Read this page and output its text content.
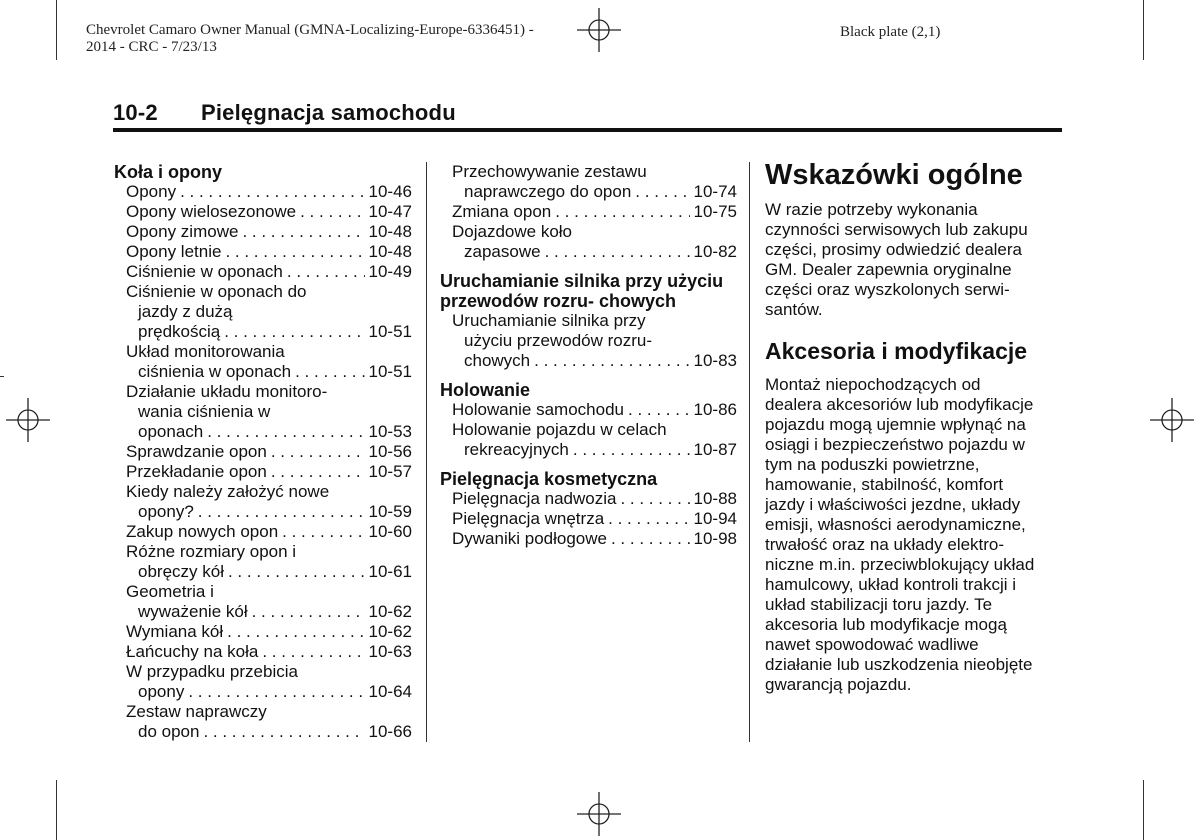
Chevrolet Camaro Owner Manual (GMNA-Localizing-Europe-6336451) -
2014 - CRC - 7/23/13
Black plate (2,1)
10-2 Pielęgnacja samochodu
Koła i opony
Opony . . .	10-46
Opony wielosezonowe . . .	10-47
Opony zimowe . . .	10-48
Opony letnie . . .	10-48
Ciśnienie w oponach . . .	10-49
Ciśnienie w oponach do
jazdy z dużą
prędkością . . .	10-51
Układ monitorowania
ciśnienia w oponach . . .	10-51
Działanie układu monitoro-
wania ciśnienia w
oponach . . .	10-53
Sprawdzanie opon . . .	10-56
Przekładanie opon . . .	10-57
Kiedy należy założyć nowe
opony? . . .	10-59
Zakup nowych opon . . .	10-60
Różne rozmiary opon i
obręczy kół . . .	10-61
Geometria i
wyważenie kół . . .	10-62
Wymiana kół . . .	10-62
Łańcuchy na koła . . .	10-63
W przypadku przebicia
opony . . .	10-64
Zestaw naprawczy
do opon . . .	10-66
Przechowywanie zestawu
naprawczego do opon . . .	10-74
Zmiana opon . . .	10-75
Dojazdowe koło
zapasowe . . .	10-82
Uruchamianie silnika przy użyciu przewodów rozru- chowych
Uruchamianie silnika przy
użyciu przewodów rozru-
chowych . . .	10-83
Holowanie
Holowanie samochodu . . .	10-86
Holowanie pojazdu w celach
rekreacyjnych . . .	10-87
Pielęgnacja kosmetyczna
Pielęgnacja nadwozia . . .	10-88
Pielęgnacja wnętrza . . .	10-94
Dywaniki podłogowe . . .	10-98
Wskazówki ogólne

W razie potrzeby wykonania

czynności serwisowych lub zakupu

części, prosimy odwiedzić dealera

GM. Dealer zapewnia oryginalne

części oraz wyszkolonych serwi-

santów.

Akcesoria i modyfikacje

Montaż niepochodzących od

dealera akcesoriów lub modyfikacje

pojazdu mogą ujemnie wpłynąć na

osiągi i bezpieczeństwo pojazdu w

tym na poduszki powietrzne,

hamowanie, stabilność, komfort

jazdy i właściwości jezdne, układy

emisji, własności aerodynamiczne,

trwałość oraz na układy elektro-

niczne m.in. przeciwblokujący układ

hamulcowy, układ kontroli trakcji i

układ stabilizacji toru jazdy. Te

akcesoria lub modyfikacje mogą

nawet spowodować wadliwe

działanie lub uszkodzenia nieobjęte

gwarancją pojazdu.
